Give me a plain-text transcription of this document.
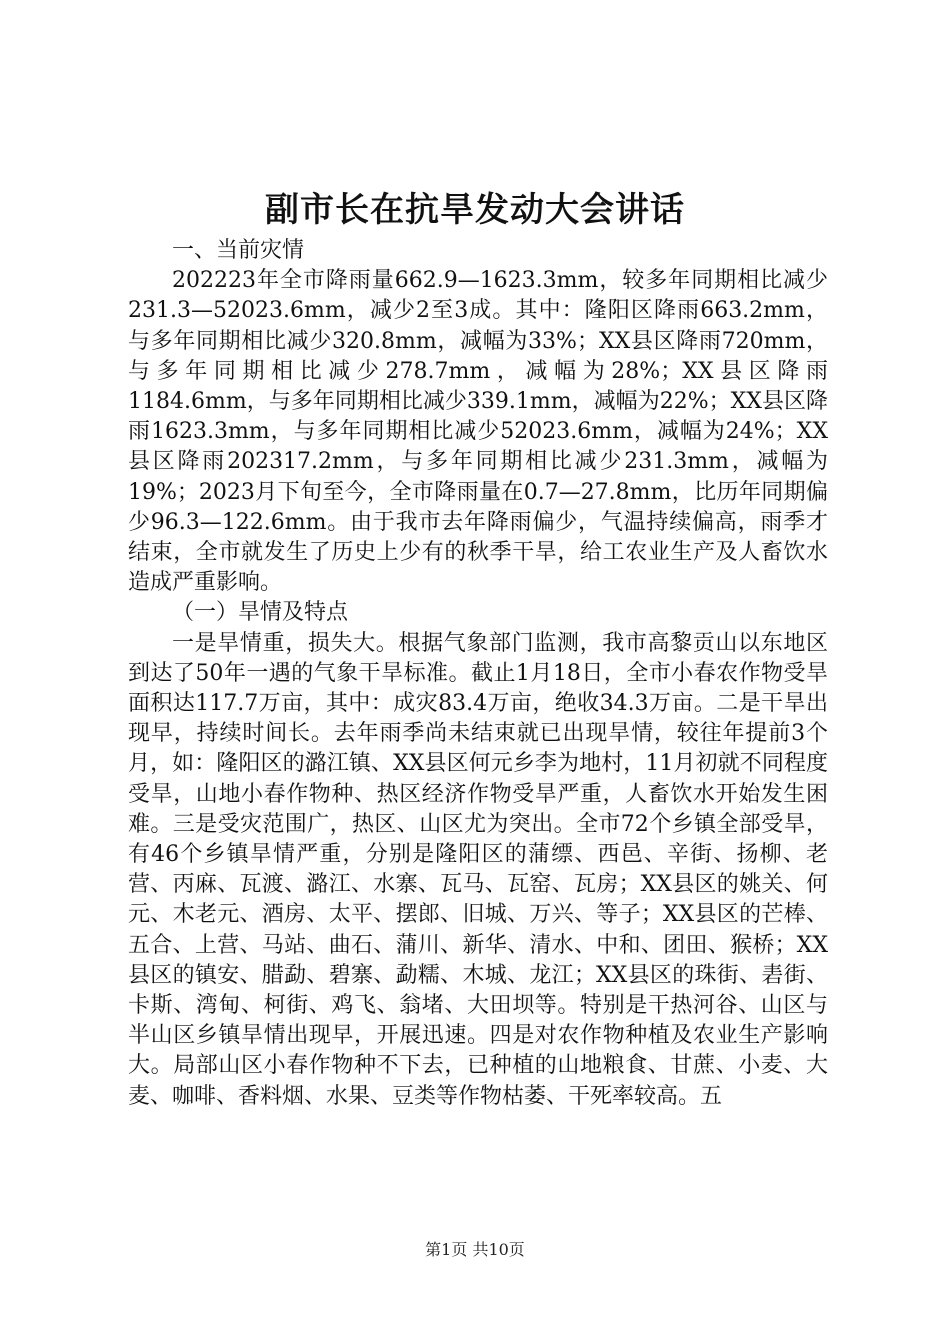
副市长在抗旱发动大会讲话

一、当前灾情

202223年全市降雨量662.9—1623.3mm，较多年同期相比减少231.3—52023.6mm，减少2至3成。其中：隆阳区降雨663.2mm，与多年同期相比减少320.8mm，减幅为33%；XX县区降雨720mm，与多年同期相比减少278.7mm，减幅为28%；XX县区降雨1184.6mm，与多年同期相比减少339.1mm，减幅为22%；XX县区降雨1623.3mm，与多年同期相比减少52023.6mm，减幅为24%；XX县区降雨202317.2mm，与多年同期相比减少231.3mm，减幅为19%；2023月下旬至今，全市降雨量在0.7—27.8mm，比历年同期偏少96.3—122.6mm。由于我市去年降雨偏少，气温持续偏高，雨季才结束，全市就发生了历史上少有的秋季干旱，给工农业生产及人畜饮水造成严重影响。

（一）旱情及特点

一是旱情重，损失大。根据气象部门监测，我市高黎贡山以东地区到达了50年一遇的气象干旱标准。截止1月18日，全市小春农作物受旱面积达117.7万亩，其中：成灾83.4万亩，绝收34.3万亩。二是干旱出现早，持续时间长。去年雨季尚未结束就已出现旱情，较往年提前3个月，如：隆阳区的潞江镇、XX县区何元乡李为地村，11月初就不同程度受旱，山地小春作物种、热区经济作物受旱严重，人畜饮水开始发生困难。三是受灾范围广，热区、山区尤为突出。全市72个乡镇全部受旱，有46个乡镇旱情严重，分别是隆阳区的蒲缥、西邑、辛街、扬柳、老营、丙麻、瓦渡、潞江、水寨、瓦马、瓦窑、瓦房；XX县区的姚关、何元、木老元、酒房、太平、摆郎、旧城、万兴、等子；XX县区的芒棒、五合、上营、马站、曲石、蒲川、新华、清水、中和、团田、猴桥；XX县区的镇安、腊勐、碧寨、勐糯、木城、龙江；XX县区的珠街、砉街、卡斯、湾甸、柯街、鸡飞、翁堵、大田坝等。特别是干热河谷、山区与半山区乡镇旱情出现早，开展迅速。四是对农作物种植及农业生产影响大。局部山区小春作物种不下去，已种植的山地粮食、甘蔗、小麦、大麦、咖啡、香料烟、水果、豆类等作物枯萎、干死率较高。五

第1页 共10页
